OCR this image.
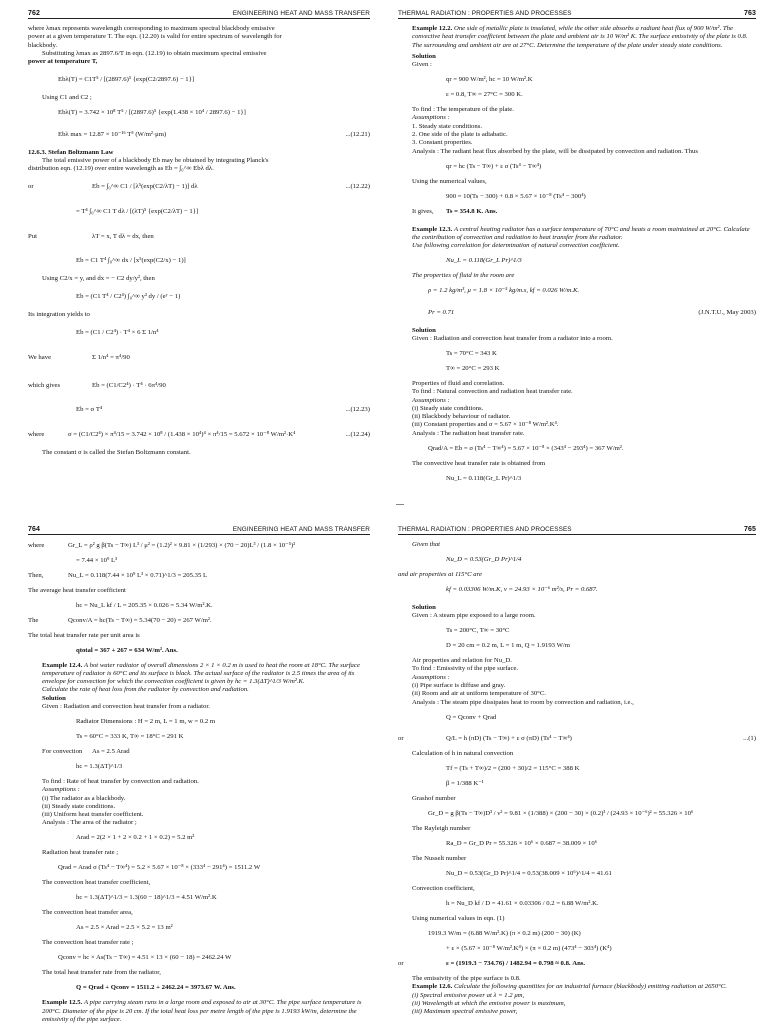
762	ENGINEERING HEAT AND MASS TRANSFER

where λmax represents wavelength corresponding to maximum spectral blackbody emissive

power at a given temperature T. The eqn. (12.20) is valid for entire spectrum of wavelength for

blackbody.

Substituting λmax as 2897.6/T in eqn. (12.19) to obtain maximum spectral emissive

power at temperature T,

Ebλ(T) = C1T⁵ / [(2897.6)⁵ {exp(C2/2897.6) − 1}]

Using C1 and C2 ;

Ebλ(T) = 3.742 × 10⁸ T⁵ / [(2897.6)⁵ {exp(1.438 × 10⁴ / 2897.6) − 1}]

Ebλ max = 12.87 × 10⁻¹⁶ T⁵ (W/m²·μm)	...(12.21)

12.6.3. Stefan Boltzmann Law

The total emissive power of a blackbody Eb may be obtained by integrating Planck's

distribution eqn. (12.19) over entire wavelength as Eb = ∫₀^∞ Ebλ dλ.

or	Eb = ∫₀^∞ C1 / [λ⁵(exp(C2/λT) − 1)] dλ	...(12.22)

= T⁴ ∫₀^∞ C1 T dλ / [(λT)⁵ {exp(C2/λT) − 1}]

Put	λT = x, T dλ = dx, then

Eb = C1 T⁴ ∫₀^∞ dx / [x⁵(exp(C2/x) − 1)]

Using C2/x = y, and dx = − C2 dy/y², then

Eb = (C1 T⁴ / C2⁴) ∫₀^∞ y³ dy / (eʸ − 1)

Its integration yields to

Eb = (C1 / C2⁴) · T⁴ × 6 Σ 1/n⁴

We have	Σ 1/n⁴ = π⁴/90

which gives	Eb = (C1/C2⁴) · T⁴ · 6π⁴/90

Eb = σ T⁴	...(12.23)

where	σ = (C1/C2⁴) × π⁴/15 = 3.742 × 10⁸ / (1.438 × 10⁴)⁴ × π⁴/15 = 5.672 × 10⁻⁸ W/m²·K⁴	...(12.24)

The constant σ is called the Stefan Boltzmann constant.

THERMAL RADIATION : PROPERTIES AND PROCESSES	763

Example 12.2. One side of metallic plate is insulated, while the other side absorbs a radiant heat flux of 900 W/m². The convective heat transfer coefficient between the plate and ambient air is 10 W/m² K. The surface emissivity of the plate is 0.8. The surrounding and ambient air are at 27°C. Determine the temperature of the plate under steady state conditions.

Solution

Given :

qr = 900 W/m², hc = 10 W/m².K

ε = 0.8, T∞ = 27°C = 300 K.

To find : The temperature of the plate.

Assumptions :

1. Steady state conditions.

2. One side of the plate is adiabatic.

3. Constant properties.

Analysis : The radiant heat flux absorbed by the plate, will be dissipated by convection and radiation. Thus

qr = hc (Ts − T∞) + ε σ (Ts⁴ − T∞⁴)

Using the numerical values,

900 = 10(Ts − 300) + 0.8 × 5.67 × 10⁻⁸ (Ts⁴ − 300⁴)

It gives, Ts = 354.8 K. Ans.

Example 12.3. A central heating radiator has a surface temperature of 70°C and heats a room maintained at 20°C. Calculate the contribution of convection and radiation to heat transfer from the radiator.

Use following correlation for determination of natural convection coefficient.

Nu_L = 0.118(Gr_L Pr)^1/3

The properties of fluid in the room are

ρ = 1.2 kg/m³, μ = 1.8 × 10⁻⁵ kg/m.s, kf = 0.026 W/m.K.

Pr = 0.71	(J.N.T.U., May 2003)

Solution

Given : Radiation and convection heat transfer from a radiator into a room.

Ts = 70°C = 343 K

T∞ = 20°C = 293 K

Properties of fluid and correlation.

To find : Natural convection and radiation heat transfer rate.

Assumptions :

(i) Steady state conditions.

(ii) Blackbody behaviour of radiator.

(iii) Constant properties and σ = 5.67 × 10⁻⁸ W/m².K⁴.

Analysis : The radiation heat transfer rate.

Qrad/A = Eb = σ (Ts⁴ − T∞⁴) = 5.67 × 10⁻⁸ × (343⁴ − 293⁴) = 367 W/m².

The convective heat transfer rate is obtained from

Nu_L = 0.118(Gr_L Pr)^1/3

764	ENGINEERING HEAT AND MASS TRANSFER

where	Gr_L = ρ² g β(Ts − T∞) L³ / μ² = (1.2)² × 9.81 × (1/293) × (70 − 20)L³ / (1.8 × 10⁻⁵)²

= 7.44 × 10⁹ L³

Then,	Nu_L = 0.118(7.44 × 10⁹ L³ × 0.71)^1/3 = 205.35 L

The average heat transfer coefficient

hc = Nu_L kf / L = 205.35 × 0.026 = 5.34 W/m².K.

The	Qconv/A = hc(Ts − T∞) = 5.34(70 − 20) = 267 W/m².

The total heat transfer rate per unit area is

qtotal = 367 + 267 = 634 W/m². Ans.

Example 12.4. A hot water radiator of overall dimensions 2 × 1 × 0.2 m is used to heat the room at 18°C. The surface temperature of radiator is 60°C and its surface is black. The actual surface of the radiator is 2.5 times the area of its envelope for convection for which the convection coefficient is given by hc = 1.3(ΔT)^1/3 W/m².K.

Calculate the rate of heat loss from the radiator by convection and radiation.

Solution

Given : Radiation and convection heat transfer from a radiator.

Radiator Dimensions : H = 2 m, L = 1 m, w = 0.2 m

Ts = 60°C = 333 K, T∞ = 18°C = 291 K

For convection As = 2.5 Arad

hc = 1.3(ΔT)^1/3

To find : Rate of heat transfer by convection and radiation.

Assumptions :

(i) The radiator as a blackbody.

(ii) Steady state conditions.

(iii) Uniform heat transfer coefficient.

Analysis : The area of the radiator ;

Arad = 2(2 × 1 + 2 × 0.2 + 1 × 0.2) = 5.2 m²

Radiation heat transfer rate ;

Qrad = Arad σ (Ts⁴ − T∞⁴) = 5.2 × 5.67 × 10⁻⁸ × (333⁴ − 291⁴) = 1511.2 W

The convection heat transfer coefficient,

hc = 1.3(ΔT)^1/3 = 1.3(60 − 18)^1/3 = 4.51 W/m².K

The convection heat transfer area,

As = 2.5 × Arad = 2.5 × 5.2 = 13 m²

The convection heat transfer rate ;

Qconv = hc × As(Ts − T∞) = 4.51 × 13 × (60 − 18) = 2462.24 W

The total heat transfer rate from the radiator,

Q = Qrad + Qconv = 1511.2 + 2462.24 = 3973.67 W. Ans.

Example 12.5. A pipe carrying steam runs in a large room and exposed to air at 30°C. The pipe surface temperature is 200°C. Diameter of the pipe is 20 cm. If the total heat loss per metre length of the pipe is 1.9193 kW/m, determine the emissivity of the pipe surface.

THERMAL RADIATION : PROPERTIES AND PROCESSES	765

Given that

Nu_D = 0.53(Gr_D Pr)^1/4

and air properties at 115°C are

kf = 0.03306 W/m.K, ν = 24.93 × 10⁻⁶ m²/s, Pr = 0.687.

Solution

Given : A steam pipe exposed to a large room.

Ts = 200°C, T∞ = 30°C

D = 20 cm = 0.2 m, L = 1 m, Q = 1.9193 W/m

Air properties and relation for Nu_D.

To find : Emissivity of the pipe surface.

Assumptions :

(i) Pipe surface is diffuse and gray.

(ii) Room and air at uniform temperature of 30°C.

Analysis : The steam pipe dissipates heat to room by convection and radiation, i.e.,

Q = Qconv + Qrad

or	Q/L = h (πD) (Ts − T∞) + ε σ (πD) (Ts⁴ − T∞⁴)	...(1)

Calculation of h in natural convection

Tf = (Ts + T∞)/2 = (200 + 30)/2 = 115°C = 388 K

β = 1/388 K⁻¹

Grashof number

Gr_D = g β(Ts − T∞)D³ / ν² = 9.81 × (1/388) × (200 − 30) × (0.2)³ / (24.93 × 10⁻⁶)² = 55.326 × 10⁶

The Rayleigh number

Ra_D = Gr_D Pr = 55.326 × 10⁶ × 0.687 = 38.009 × 10⁶

The Nusselt number

Nu_D = 0.53(Gr_D Pr)^1/4 = 0.53(38.009 × 10⁶)^1/4 = 41.61

Convection coefficient,

h = Nu_D kf / D = 41.61 × 0.03306 / 0.2 = 6.88 W/m².K.

Using numerical values in eqn. (1)

1919.3 W/m = (6.88 W/m².K) (π × 0.2 m) (200 − 30) (K)

+ ε × (5.67 × 10⁻⁸ W/m².K⁴) × (π × 0.2 m) (473⁴ − 303⁴) (K⁴)

or	ε = (1919.3 − 734.76) / 1482.94 = 0.798 ≈ 0.8. Ans.

The emissivity of the pipe surface is 0.8.

Example 12.6. Calculate the following quantities for an industrial furnace (blackbody) emitting radiation at 2650°C.

(i) Spectral emissive power at λ = 1.2 μm,

(ii) Wavelength at which the emissive power is maximum,

(iii) Maximum spectral emissive power,
